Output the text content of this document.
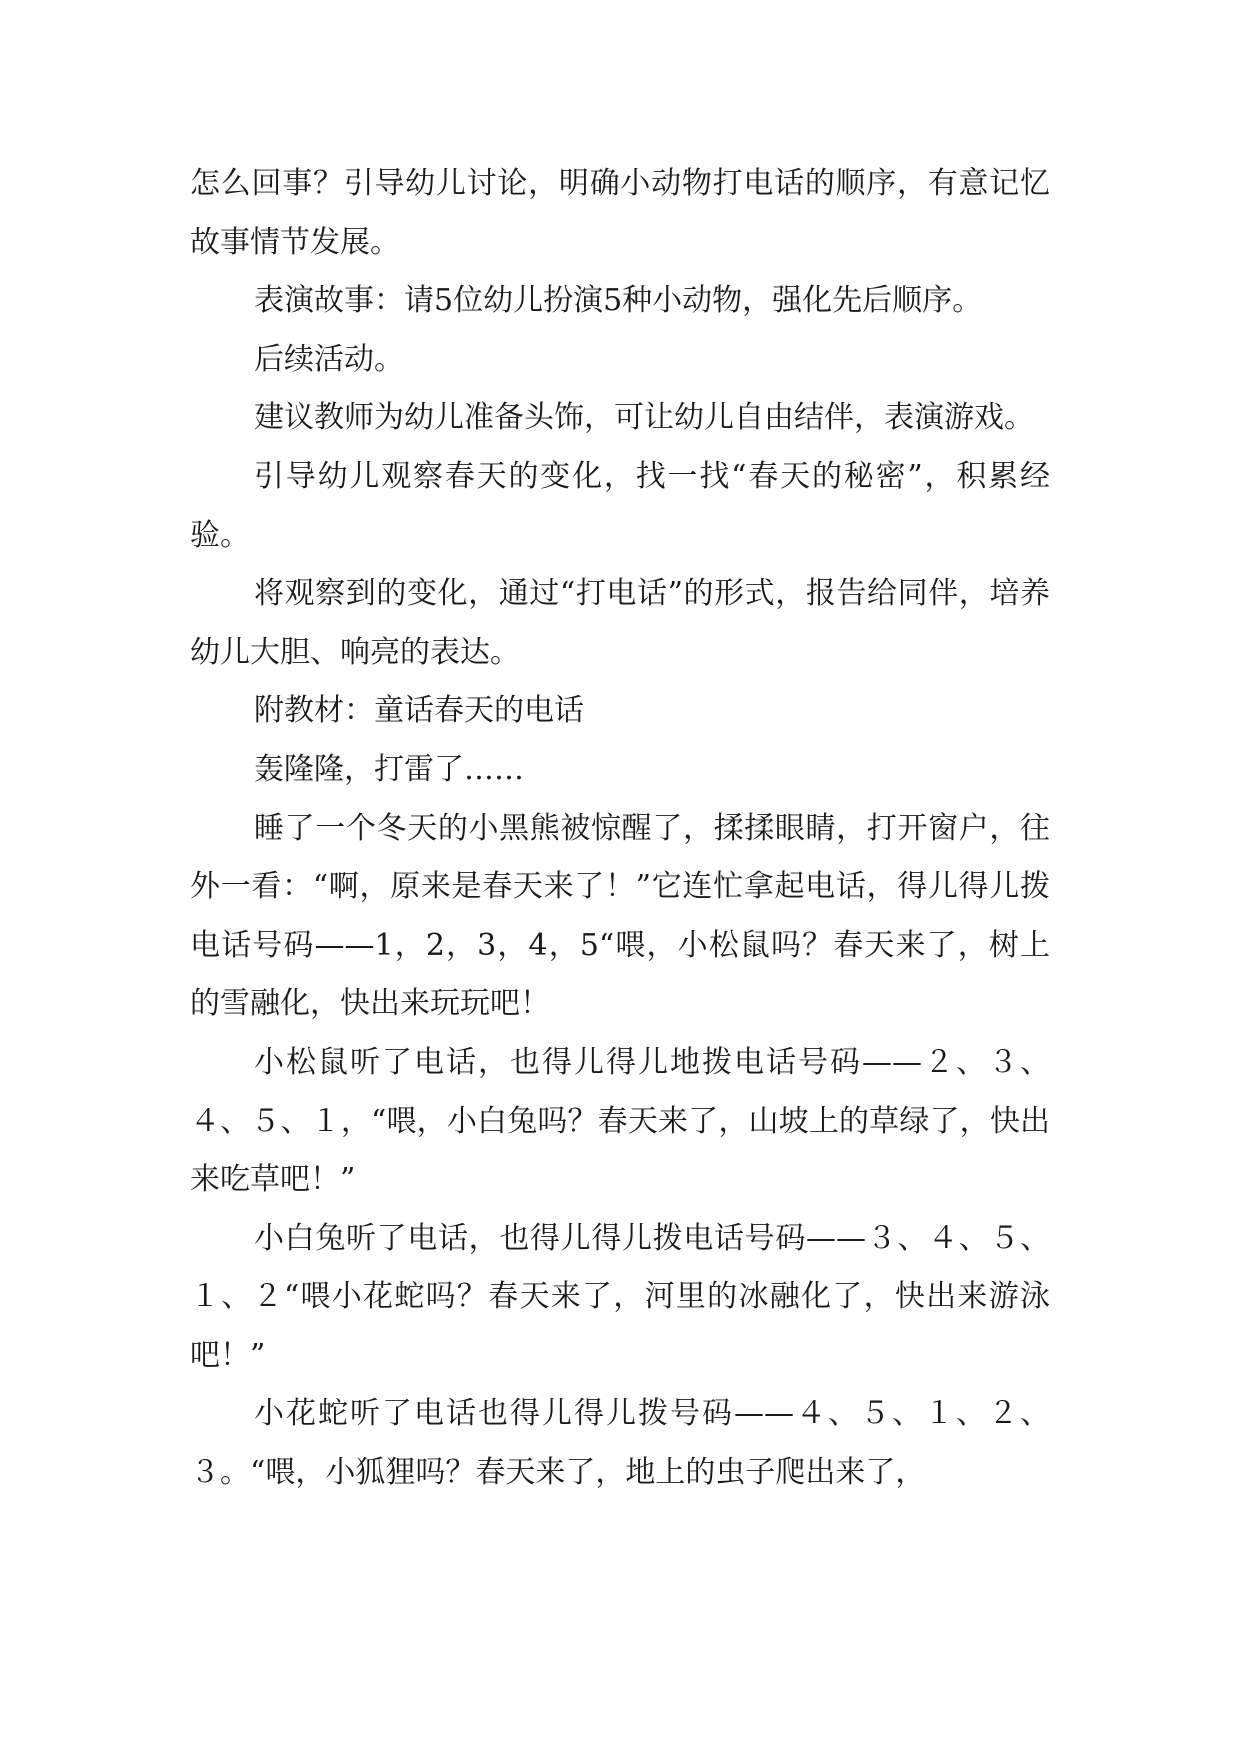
怎么回事？引导幼儿讨论，明确小动物打电话的顺序，有意记忆故事情节发展。

表演故事：请5位幼儿扮演5种小动物，强化先后顺序。

后续活动。

建议教师为幼儿准备头饰，可让幼儿自由结伴，表演游戏。

引导幼儿观察春天的变化，找一找“春天的秘密”，积累经验。

将观察到的变化，通过“打电话”的形式，报告给同伴，培养幼儿大胆、响亮的表达。

附教材：童话春天的电话

轰隆隆，打雷了……

睡了一个冬天的小黑熊被惊醒了，揉揉眼睛，打开窗户，往外一看：“啊，原来是春天来了！”它连忙拿起电话，得儿得儿拨电话号码——1，2，3，4，5“喂，小松鼠吗？春天来了，树上的雪融化，快出来玩玩吧！

小松鼠听了电话，也得儿得儿地拨电话号码——２、３、４、５、１，“喂，小白兔吗？春天来了，山坡上的草绿了，快出来吃草吧！”

小白兔听了电话，也得儿得儿拨电话号码——３、４、５、１、２“喂小花蛇吗？春天来了，河里的冰融化了，快出来游泳吧！”

小花蛇听了电话也得儿得儿拨号码——４、５、１、２、３。“喂，小狐狸吗？春天来了，地上的虫子爬出来了，
